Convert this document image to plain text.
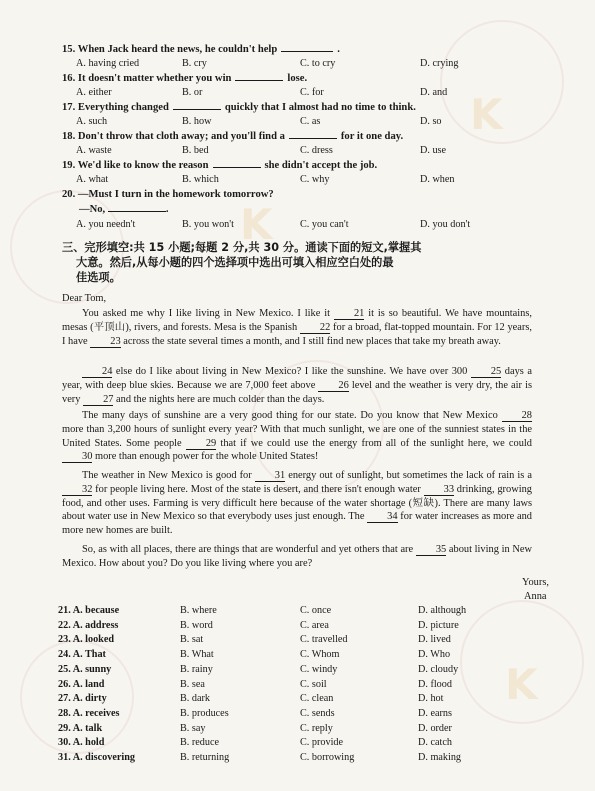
K
K
K
15. When Jack heard the news, he couldn't help	.
A. having cried	B. cry	C. to cry	D. crying
16. It doesn't matter whether you win	lose.
A. either	B. or	C. for	D. and
17. Everything changed	quickly that I almost had no time to think.
A. such	B. how	C. as	D. so
18. Don't throw that cloth away; and you'll find a	for it one day.
A. waste	B. bed	C. dress	D. use
19. We'd like to know the reason	she didn't accept the job.
A. what	B. which	C. why	D. when
20. —Must I turn in the homework tomorrow?
—No,	.
A. you needn't	B. you won't	C. you can't	D. you don't
三、完形填空:共 15 小题;每题 2 分,共 30 分。通读下面的短文,掌握其
大意。然后,从每小题的四个选择项中选出可填入相应空白处的最
佳选项。
Dear Tom,
You asked me why I like living in New Mexico. I like it 21 it is so beautiful. We have mountains, mesas (平顶山), rivers, and forests. Mesa is the Spanish 22 for a broad, flat-topped mountain. For 12 years, I have 23 across the state several times a month, and I still find new places that take my breath away.
24 else do I like about living in New Mexico? I like the sunshine. We have over 300 25 days a year, with deep blue skies. Because we are 7,000 feet above 26 level and the weather is very dry, the air is very 27 and the nights here are much colder than the days.
The many days of sunshine are a very good thing for our state. Do you know that New Mexico 28 more than 3,200 hours of sunlight every year? With that much sunlight, we are one of the sunniest states in the United States. Some people 29 that if we could use the energy from all of the sunlight here, we could 30 more than enough power for the whole United States!
The weather in New Mexico is good for 31 energy out of sunlight, but sometimes the lack of rain is a 32 for people living here. Most of the state is desert, and there isn't enough water 33 drinking, growing food, and other uses. Farming is very difficult here because of the water shortage (短缺). There are many laws about water use in New Mexico so that everybody uses just enough. The 34 for water increases as more and more new homes are built.
So, as with all places, there are things that are wonderful and yet others that are 35 about living in New Mexico. How about you? Do you like living where you are?
Yours,
Anna
21. A. because	B. where	C. once	D. although
22. A. address	B. word	C. area	D. picture
23. A. looked	B. sat	C. travelled	D. lived
24. A. That	B. What	C. Whom	D. Who
25. A. sunny	B. rainy	C. windy	D. cloudy
26. A. land	B. sea	C. soil	D. flood
27. A. dirty	B. dark	C. clean	D. hot
28. A. receives	B. produces	C. sends	D. earns
29. A. talk	B. say	C. reply	D. order
30. A. hold	B. reduce	C. provide	D. catch
31. A. discovering	B. returning	C. borrowing	D. making
